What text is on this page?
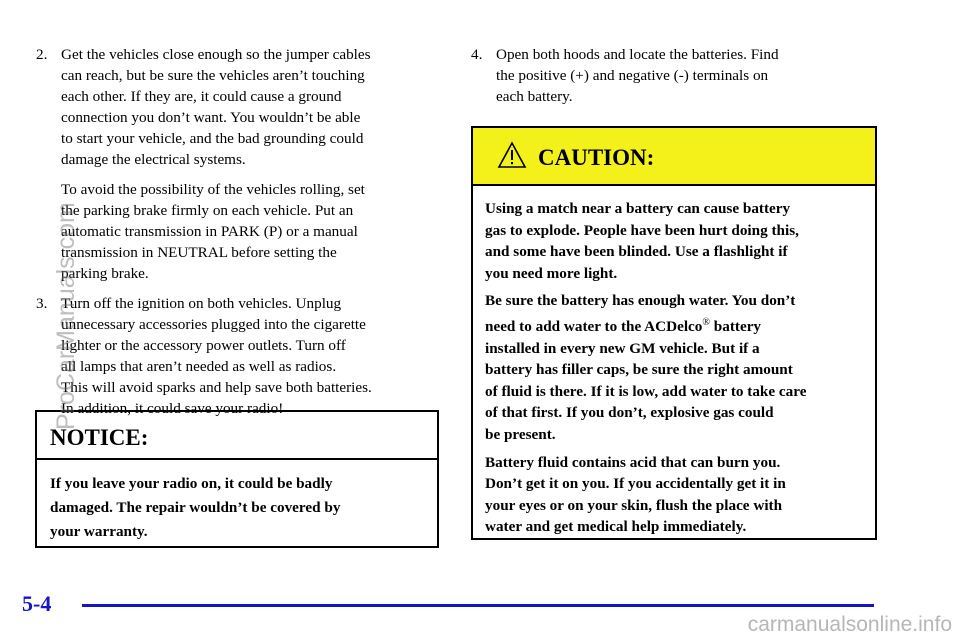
2. Get the vehicles close enough so the jumper cables
can reach, but be sure the vehicles aren’t touching
each other. If they are, it could cause a ground
connection you don’t want. You wouldn’t be able
to start your vehicle, and the bad grounding could
damage the electrical systems.

To avoid the possibility of the vehicles rolling, set
the parking brake firmly on each vehicle. Put an
automatic transmission in PARK (P) or a manual
transmission in NEUTRAL before setting the
parking brake.

3. Turn off the ignition on both vehicles. Unplug
unnecessary accessories plugged into the cigarette
lighter or the accessory power outlets. Turn off
all lamps that aren’t needed as well as radios.
This will avoid sparks and help save both batteries.
In addition, it could save your radio!

NOTICE:
If you leave your radio on, it could be badly
damaged. The repair wouldn’t be covered by
your warranty.
4. Open both hoods and locate the batteries. Find
the positive (+) and negative (-) terminals on
each battery.

CAUTION:

Using a match near a battery can cause battery
gas to explode. People have been hurt doing this,
and some have been blinded. Use a flashlight if
you need more light.

Be sure the battery has enough water. You don’t
need to add water to the ACDelco® battery
installed in every new GM vehicle. But if a
battery has filler caps, be sure the right amount
of fluid is there. If it is low, add water to take care
of that first. If you don’t, explosive gas could
be present.

Battery fluid contains acid that can burn you.
Don’t get it on you. If you accidentally get it in
your eyes or on your skin, flush the place with
water and get medical help immediately.

5-4
ProCarManuals.com
carmanualsonline.info
